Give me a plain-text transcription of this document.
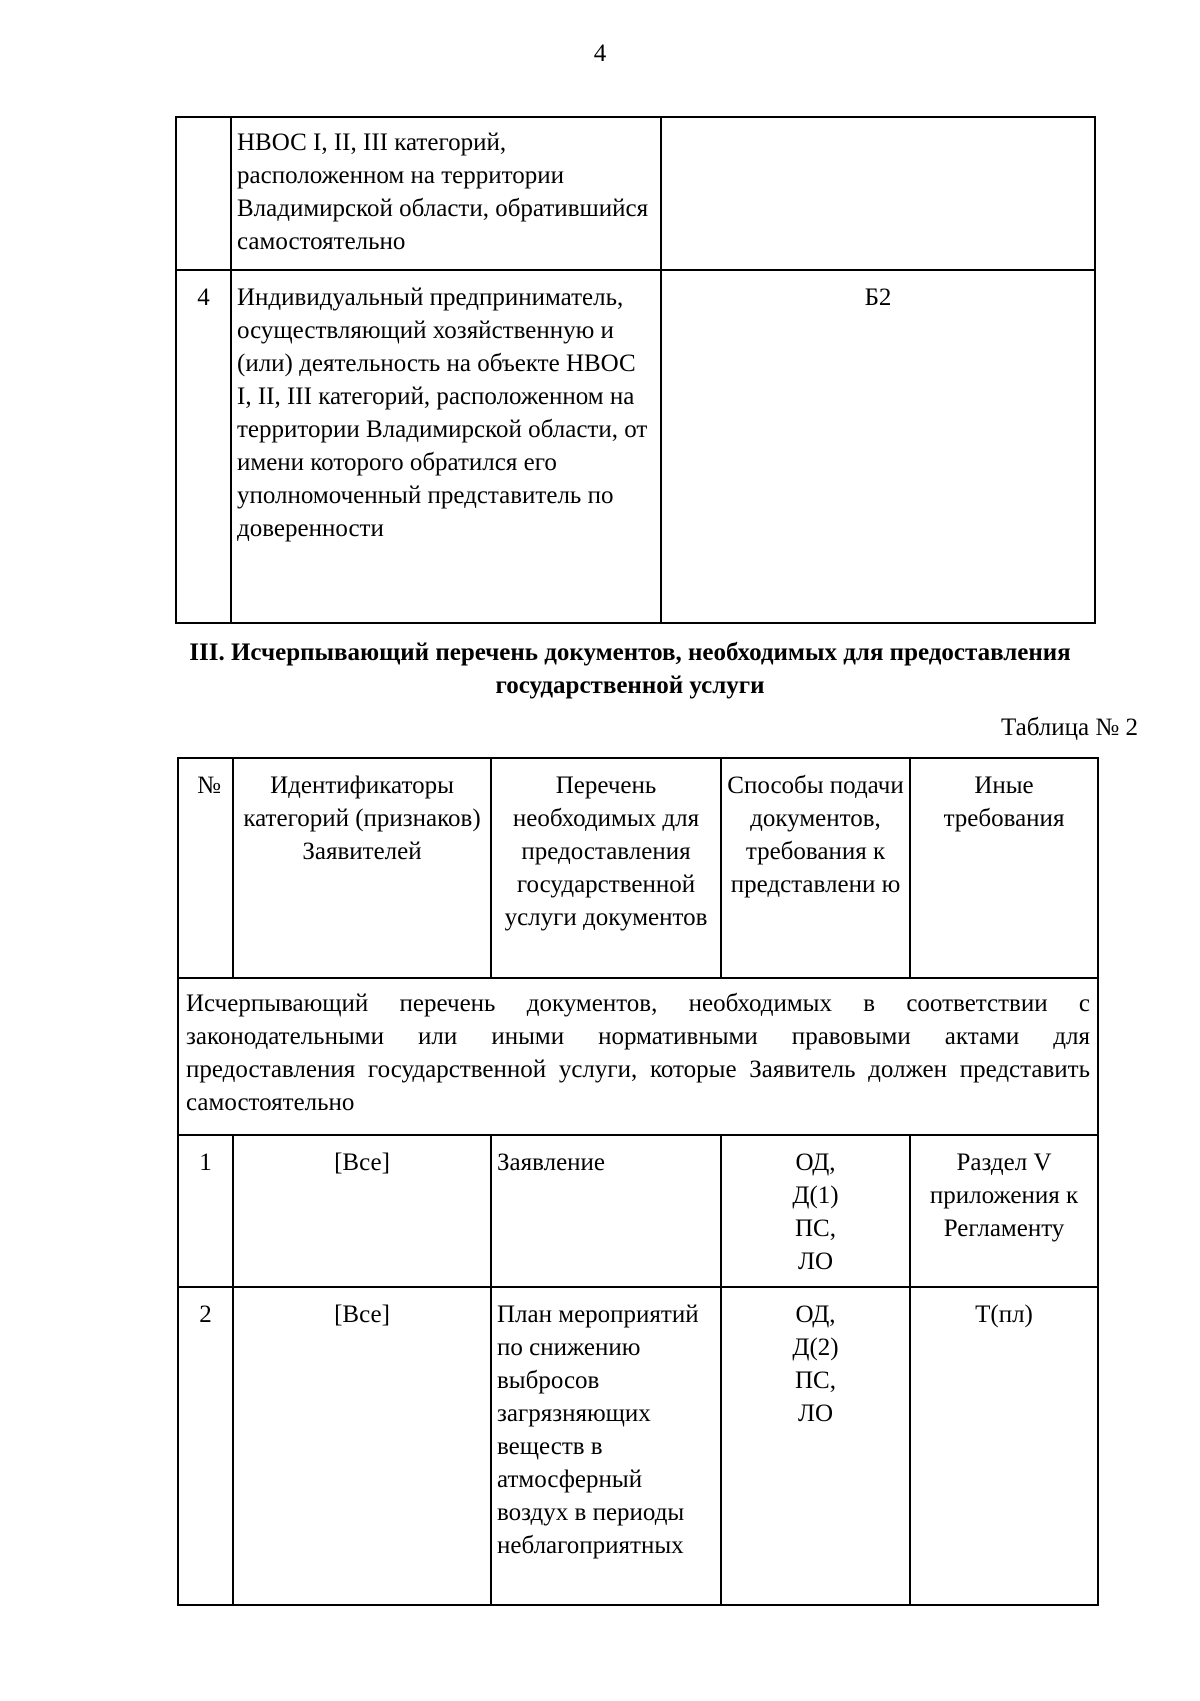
4
	НВОС I, II, III категорий, расположенном на территории Владимирской области, обратившийся самостоятельно	
4	Индивидуальный предприниматель, осуществляющий хозяйственную и (или) деятельность на объекте НВОС I, II, III категорий, расположенном на территории Владимирской области, от имени которого обратился его уполномоченный представитель по доверенности	Б2
III. Исчерпывающий перечень документов, необходимых для предоставления государственной услуги
Таблица № 2
№	Идентификаторы категорий (признаков) Заявителей	Перечень необходимых для предоставления государственной услуги документов	Способы подачи документов, требования к представлени ю	Иные требования
Исчерпывающий перечень документов, необходимых в соответствии с законодательными или иными нормативными правовыми актами для предоставления государственной услуги, которые Заявитель должен представить самостоятельно				
1	[Все]	Заявление	ОД,
Д(1)
ПС,
ЛО	Раздел V приложения к Регламенту
2	[Все]	План мероприятий по снижению выбросов загрязняющих веществ в атмосферный воздух в периоды неблагоприятных	ОД,
Д(2)
ПС,
ЛО	Т(пл)
